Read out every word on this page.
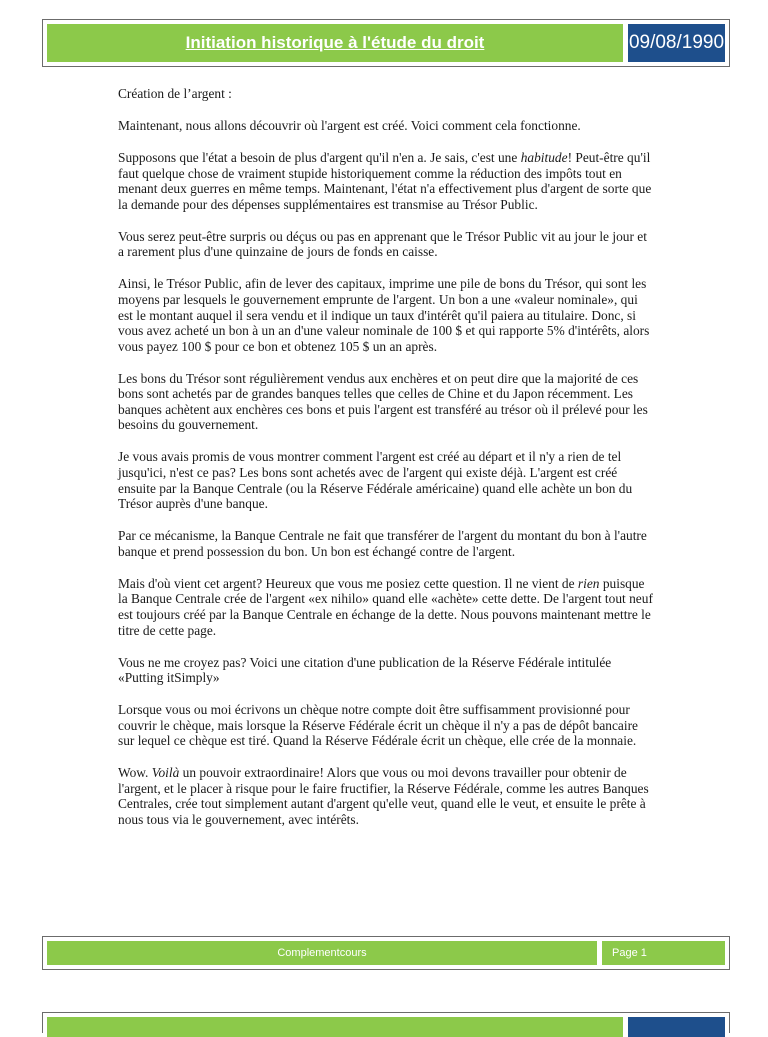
Initiation historique à l'étude du droit	09/08/1990

Création de l’argent :

Maintenant, nous allons découvrir où l'argent est créé. Voici comment cela fonctionne.

Supposons que l'état a besoin de plus d'argent qu'il n'en a. Je sais, c'est une habitude! Peut-être qu'il faut quelque chose de vraiment stupide historiquement comme la réduction des impôts tout en menant deux guerres en même temps. Maintenant, l'état n'a effectivement plus d'argent de sorte que la demande pour des dépenses supplémentaires est transmise au Trésor Public.

Vous serez peut-être surpris ou déçus ou pas en apprenant que le Trésor Public vit au jour le jour et a rarement plus d'une quinzaine de jours de fonds en caisse.

Ainsi, le Trésor Public, afin de lever des capitaux, imprime une pile de bons du Trésor, qui sont les moyens par lesquels le gouvernement emprunte de l'argent. Un bon a une «valeur nominale», qui est le montant auquel il sera vendu et il indique un taux d'intérêt qu'il paiera au titulaire. Donc, si vous avez acheté un bon à un an d'une valeur nominale de 100 $ et qui rapporte 5% d'intérêts, alors vous payez 100 $ pour ce bon et obtenez 105 $ un an après.

Les bons du Trésor sont régulièrement vendus aux enchères et on peut dire que la majorité de ces bons sont achetés par de grandes banques telles que celles de Chine et du Japon récemment. Les banques achètent aux enchères ces bons et puis l'argent est transféré au trésor où il prélevé pour les besoins du gouvernement.

Je vous avais promis de vous montrer comment l'argent est créé au départ et il n'y a rien de tel jusqu'ici, n'est ce pas? Les bons sont achetés avec de l'argent qui existe déjà. L'argent est créé ensuite par la Banque Centrale (ou la Réserve Fédérale américaine) quand elle achète un bon du Trésor auprès d'une banque.

Par ce mécanisme, la Banque Centrale ne fait que transférer de l'argent du montant du bon à l'autre banque et prend possession du bon. Un bon est échangé contre de l'argent.

Mais d'où vient cet argent? Heureux que vous me posiez cette question. Il ne vient de rien puisque la Banque Centrale crée de l'argent «ex nihilo» quand elle «achète» cette dette. De l'argent tout neuf est toujours créé par la Banque Centrale en échange de la dette. Nous pouvons maintenant mettre le titre de cette page.

Vous ne me croyez pas? Voici une citation d'une publication de la Réserve Fédérale intitulée «Putting itSimply»

Lorsque vous ou moi écrivons un chèque notre compte doit être suffisamment provisionné pour couvrir le chèque, mais lorsque la Réserve Fédérale écrit un chèque il n'y a pas de dépôt bancaire sur lequel ce chèque est tiré. Quand la Réserve Fédérale écrit un chèque, elle crée de la monnaie.

Wow. Voilà un pouvoir extraordinaire! Alors que vous ou moi devons travailler pour obtenir de l'argent, et le placer à risque pour le faire fructifier, la Réserve Fédérale, comme les autres Banques Centrales, crée tout simplement autant d'argent qu'elle veut, quand elle le veut, et ensuite le prête à nous tous via le gouvernement, avec intérêts.

Complementcours	Page 1
